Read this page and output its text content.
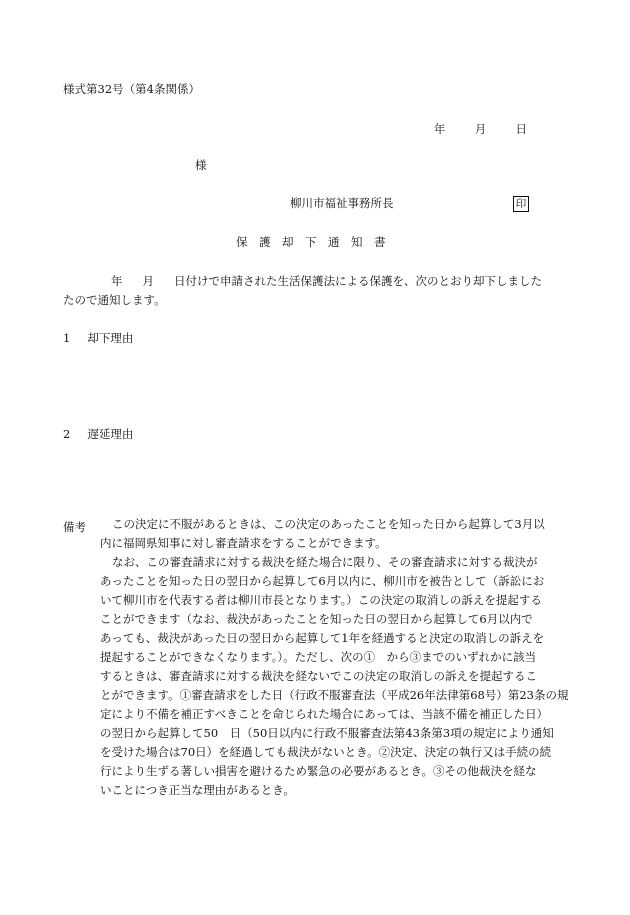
様式第32号（第4条関係）
年	月	日
様
柳川市福祉事務所長	印
保　護　却　下　通　知　書
年 月 日付けで申請された生活保護法による保護を、次のとおり却下しました
たので通知します。
1 却下理由
2 遅延理由
備考 この決定に不服があるときは、この決定のあったことを知った日から起算して3月以
内に福岡県知事に対し審査請求をすることができます。
なお、この審査請求に対する裁決を経た場合に限り、その審査請求に対する裁決が
あったことを知った日の翌日から起算して6月以内に、柳川市を被告として（訴訟にお
いて柳川市を代表する者は柳川市長となります。）この決定の取消しの訴えを提起する
ことができます（なお、裁決があったことを知った日の翌日から起算して6月以内で
あっても、裁決があった日の翌日から起算して1年を経過すると決定の取消しの訴えを
提起することができなくなります。）。ただし、次の①　から③までのいずれかに該当
するときは、審査請求に対する裁決を経ないでこの決定の取消しの訴えを提起するこ
とができます。①審査請求をした日（行政不服審査法（平成26年法律第68号）第23条の規
定により不備を補正すべきことを命じられた場合にあっては、当該不備を補正した日）
の翌日から起算して50　日（50日以内に行政不服審査法第43条第3項の規定により通知
を受けた場合は70日）を経過しても裁決がないとき。②決定、決定の執行又は手続の続
行により生ずる著しい損害を避けるため緊急の必要があるとき。③その他裁決を経な
いことにつき正当な理由があるとき。
